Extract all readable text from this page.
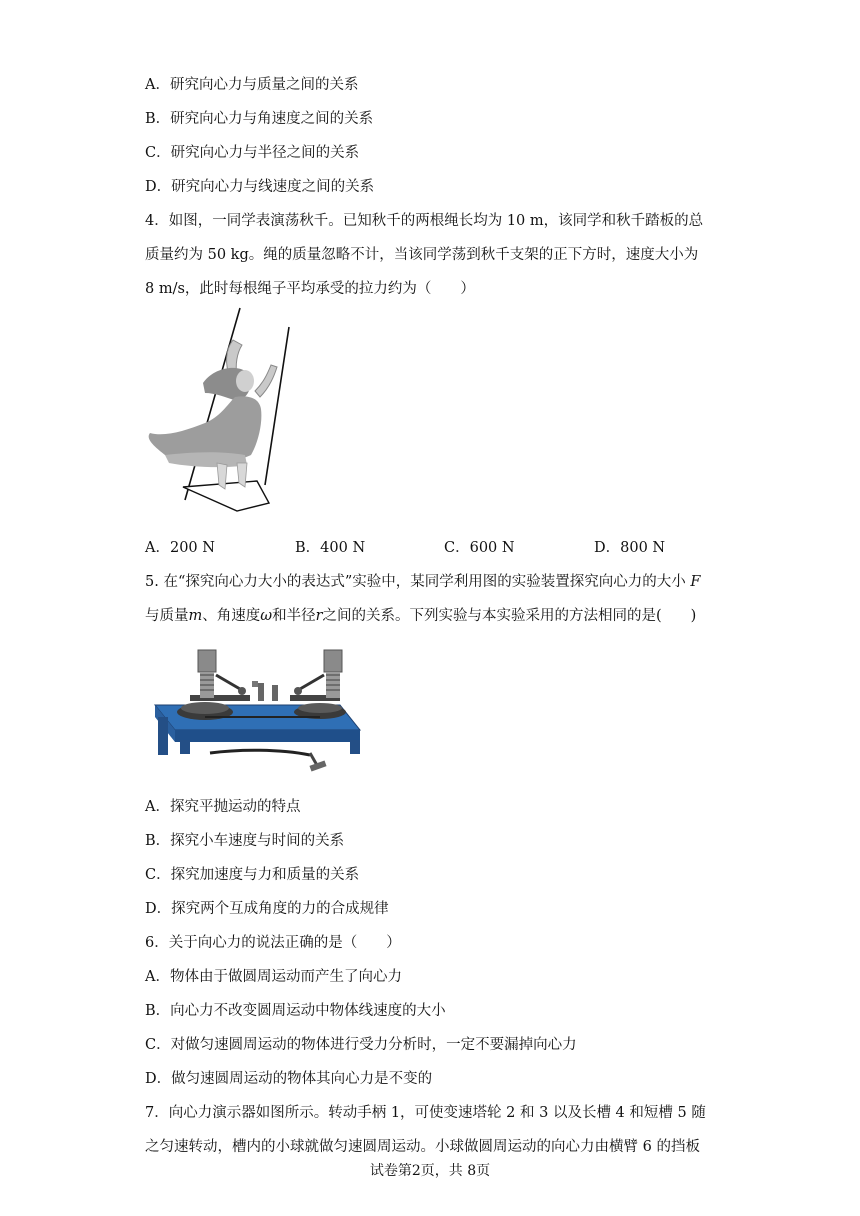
A．研究向心力与质量之间的关系
B．研究向心力与角速度之间的关系
C．研究向心力与半径之间的关系
D．研究向心力与线速度之间的关系
4．如图，一同学表演荡秋千。已知秋千的两根绳长均为 10 m，该同学和秋千踏板的总
质量约为 50 kg。绳的质量忽略不计，当该同学荡到秋千支架的正下方时，速度大小为
8 m/s，此时每根绳子平均承受的拉力约为（　　）
A．200 N	B．400 N	C．600 N	D．800 N
5. 在“探究向心力大小的表达式”实验中，某同学利用图的实验装置探究向心力的大小 F
与质量m、角速度ω和半径r之间的关系。下列实验与本实验采用的方法相同的是(　　)
A．探究平抛运动的特点
B．探究小车速度与时间的关系
C．探究加速度与力和质量的关系
D．探究两个互成角度的力的合成规律
6．关于向心力的说法正确的是（　　）
A．物体由于做圆周运动而产生了向心力
B．向心力不改变圆周运动中物体线速度的大小
C．对做匀速圆周运动的物体进行受力分析时，一定不要漏掉向心力
D．做匀速圆周运动的物体其向心力是不变的
7．向心力演示器如图所示。转动手柄 1，可使变速塔轮 2 和 3 以及长槽 4 和短槽 5 随
之匀速转动，槽内的小球就做匀速圆周运动。小球做圆周运动的向心力由横臂 6 的挡板
试卷第2页，共 8页
